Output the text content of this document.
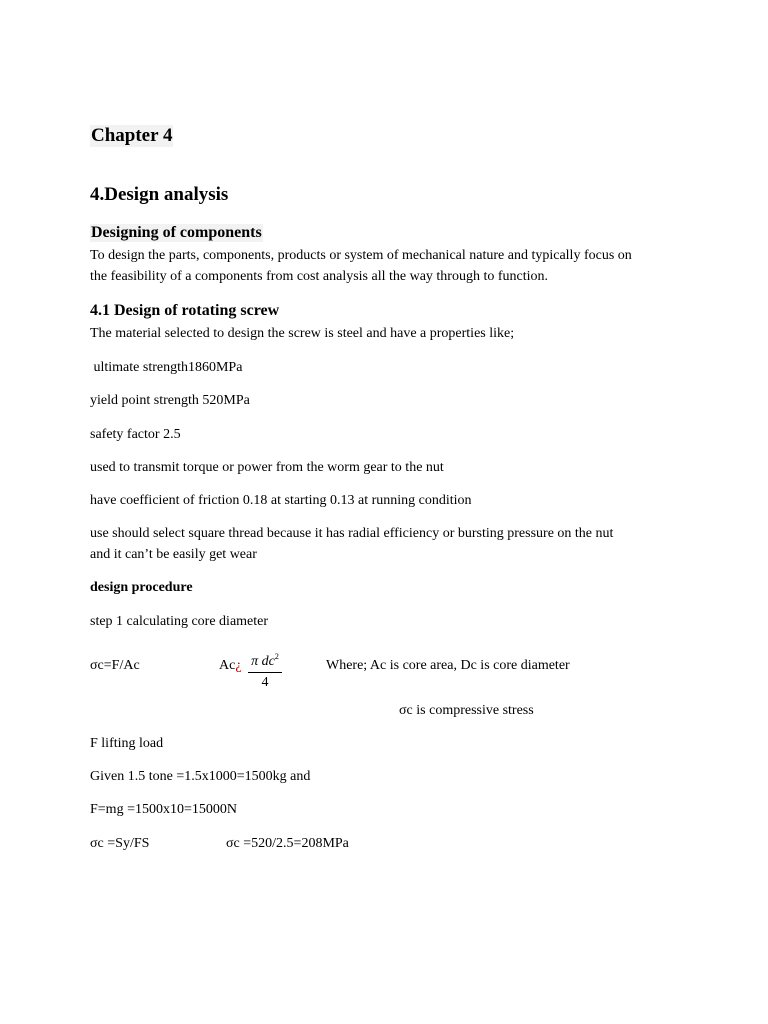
Chapter 4
4.Design analysis
Designing of components

To design the parts, components, products or system of mechanical nature and typically focus on

the feasibility of a components from cost analysis all the way through to function.

4.1 Design of rotating screw

The material selected to design the screw is steel and have a properties like;

ultimate strength1860MPa

yield point strength 520MPa

safety factor 2.5

used to transmit torque or power from the worm gear to the nut

have coefficient of friction 0.18 at starting 0.13 at running condition

use should select square thread because it has radial efficiency or bursting pressure on the nut

and it can’t be easily get wear

design procedure

step 1 calculating core diameter

σc=F/Ac	Ac¿ $\frac{\pi dc^2}{4}$	Where; Ac is core area, Dc is core diameter

σc is compressive stress

F lifting load

Given 1.5 tone =1.5x1000=1500kg and

F=mg =1500x10=15000N

σc =Sy/FS	σc =520/2.5=208MPa
